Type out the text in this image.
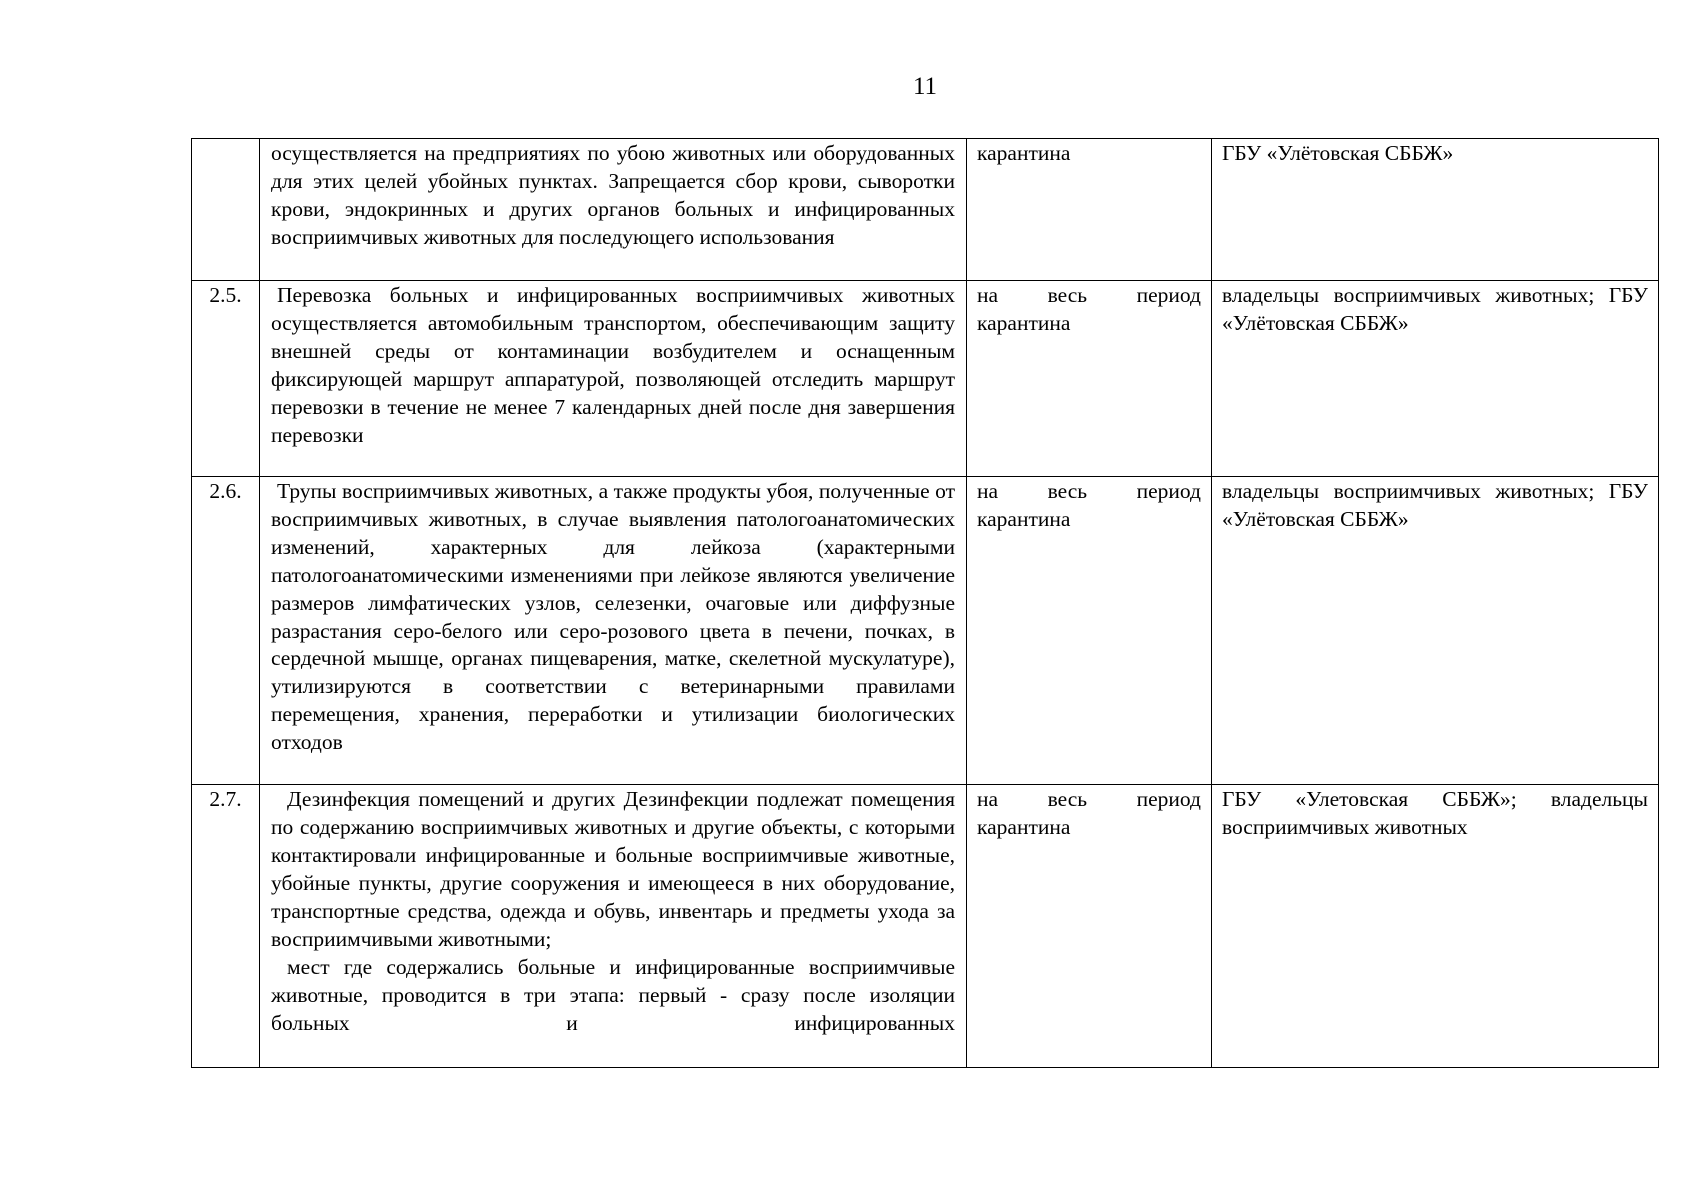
11

	осуществляется на предприятиях по убою животных или оборудованных для этих целей убойных пунктах. Запрещается сбор крови, сыворотки крови, эндокринных и других органов больных и инфицированных восприимчивых животных для последующего использования	карантина	ГБУ «Улётовская СББЖ»

2.5.	Перевозка больных и инфицированных восприимчивых животных осуществляется автомобильным транспортом, обеспечивающим защиту внешней среды от контаминации возбудителем и оснащенным фиксирующей маршрут аппаратурой, позволяющей отследить маршрут перевозки в течение не менее 7 календарных дней после дня завершения перевозки	на весь период карантина	владельцы восприимчивых животных; ГБУ «Улётовская СББЖ»

2.6.	Трупы восприимчивых животных, а также продукты убоя, полученные от восприимчивых животных, в случае выявления патологоанатомических изменений, характерных для лейкоза (характерными патологоанатомическими изменениями при лейкозе являются увеличение размеров лимфатических узлов, селезенки, очаговые или диффузные разрастания серо-белого или серо-розового цвета в печени, почках, в сердечной мышце, органах пищеварения, матке, скелетной мускулатуре), утилизируются в соответствии с ветеринарными правилами перемещения, хранения, переработки и утилизации биологических отходов	на весь период карантина	владельцы восприимчивых животных; ГБУ «Улётовская СББЖ»

2.7.	Дезинфекция помещений и других Дезинфекции подлежат помещения по содержанию восприимчивых животных и другие объекты, с которыми контактировали инфицированные и больные восприимчивые животные, убойные пункты, другие сооружения и имеющееся в них оборудование, транспортные средства, одежда и обувь, инвентарь и предметы ухода за восприимчивыми животными;
мест где содержались больные и инфицированные восприимчивые животные, проводится в три этапа: первый - сразу после изоляции больных и инфицированных	на весь период карантина	ГБУ «Улетовская СББЖ»; владельцы восприимчивых животных
